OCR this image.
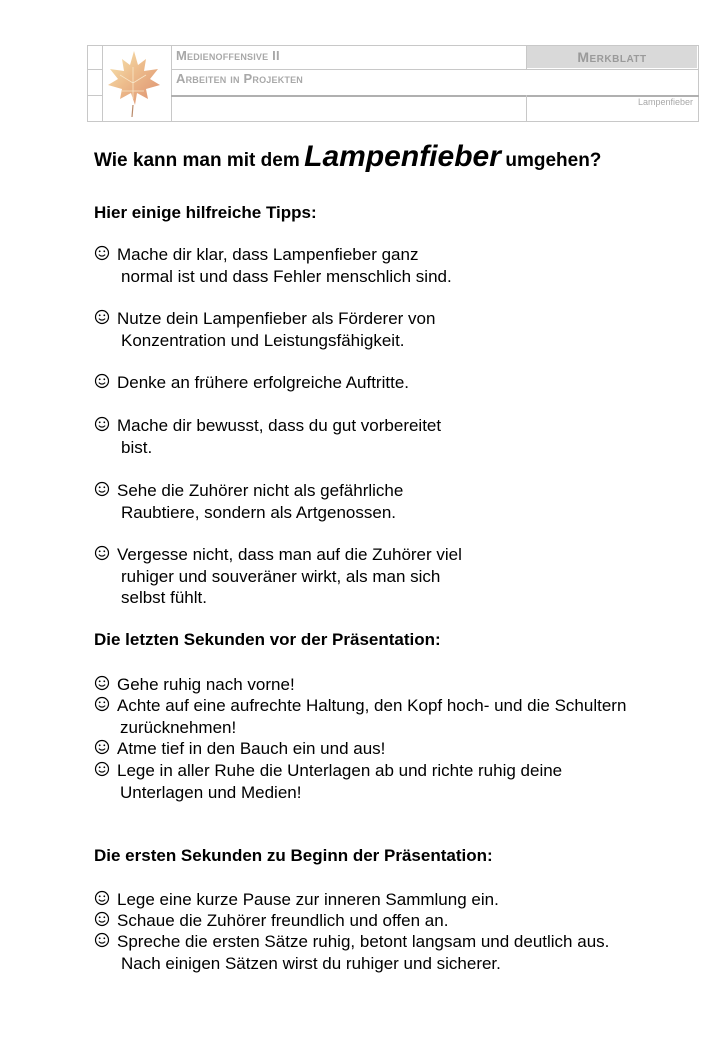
Medienoffensive II
Arbeiten in Projekten
Merkblatt
Lampenfieber
Wie kann man mit dem Lampenfieber umgehen?
Hier einige hilfreiche Tipps:
Mache dir klar, dass Lampenfieber ganz
normal ist und dass Fehler menschlich sind.
Nutze dein Lampenfieber als Förderer von
Konzentration und Leistungsfähigkeit.
Denke an frühere erfolgreiche Auftritte.
Mache dir bewusst, dass du gut vorbereitet
bist.
Sehe die Zuhörer nicht als gefährliche
Raubtiere, sondern als Artgenossen.
Vergesse nicht, dass man auf die Zuhörer viel
ruhiger und souveräner wirkt, als man sich
selbst fühlt.
Die letzten Sekunden vor der Präsentation:
Gehe ruhig nach vorne!
Achte auf eine aufrechte Haltung, den Kopf hoch- und die Schultern
zurücknehmen!
Atme tief in den Bauch ein und aus!
Lege in aller Ruhe die Unterlagen ab und richte ruhig deine
Unterlagen und Medien!
Die ersten Sekunden zu Beginn der Präsentation:
Lege eine kurze Pause zur inneren Sammlung ein.
Schaue die Zuhörer freundlich und offen an.
Spreche die ersten Sätze ruhig, betont langsam und deutlich aus.
Nach einigen Sätzen wirst du ruhiger und sicherer.
